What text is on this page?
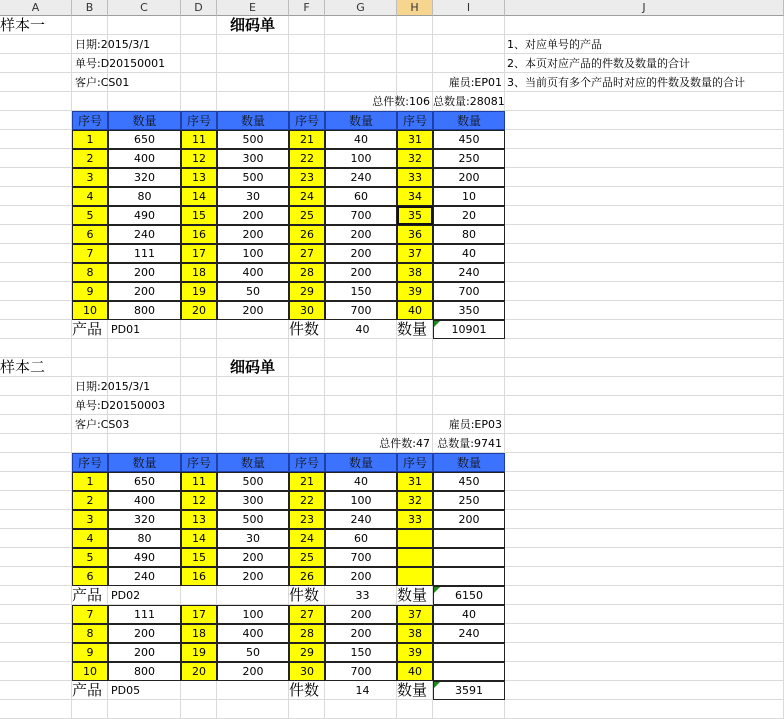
A	B	C	D	E	F	G	H	I	J
样本一	细码单
日期:2015/3/1
单号:D20150001
客户:CS01	雇员:EP01
总件数:106 总数量:28081
序号	数量	序号	数量	序号	数量	序号	数量
1	650	11	500	21	40	31	450
2	400	12	300	22	100	32	250
3	320	13	500	23	240	33	200
4	80	14	30	24	60	34	10
5	490	15	200	25	700	35	20
6	240	16	200	26	200	36	80
7	111	17	100	27	200	37	40
8	200	18	400	28	200	38	240
9	200	19	50	29	150	39	700
10	800	20	200	30	700	40	350
产品 PD01	件数	40	数量	10901
样本二	细码单
日期:2015/3/1
单号:D20150003
客户:CS03	雇员:EP03
总件数:47 总数量:9741
序号	数量	序号	数量	序号	数量	序号	数量
1	650	11	500	21	40	31	450
2	400	12	300	22	100	32	250
3	320	13	500	23	240	33	200
4	80	14	30	24	60
5	490	15	200	25	700
6	240	16	200	26	200
产品 PD02	件数	33	数量	6150
7	111	17	100	27	200	37	40
8	200	18	400	28	200	38	240
9	200	19	50	29	150	39
10	800	20	200	30	700	40
产品 PD05	件数	14	数量	3591
1、对应单号的产品
2、本页对应产品的件数及数量的合计
3、当前页有多个产品时对应的件数及数量的合计
